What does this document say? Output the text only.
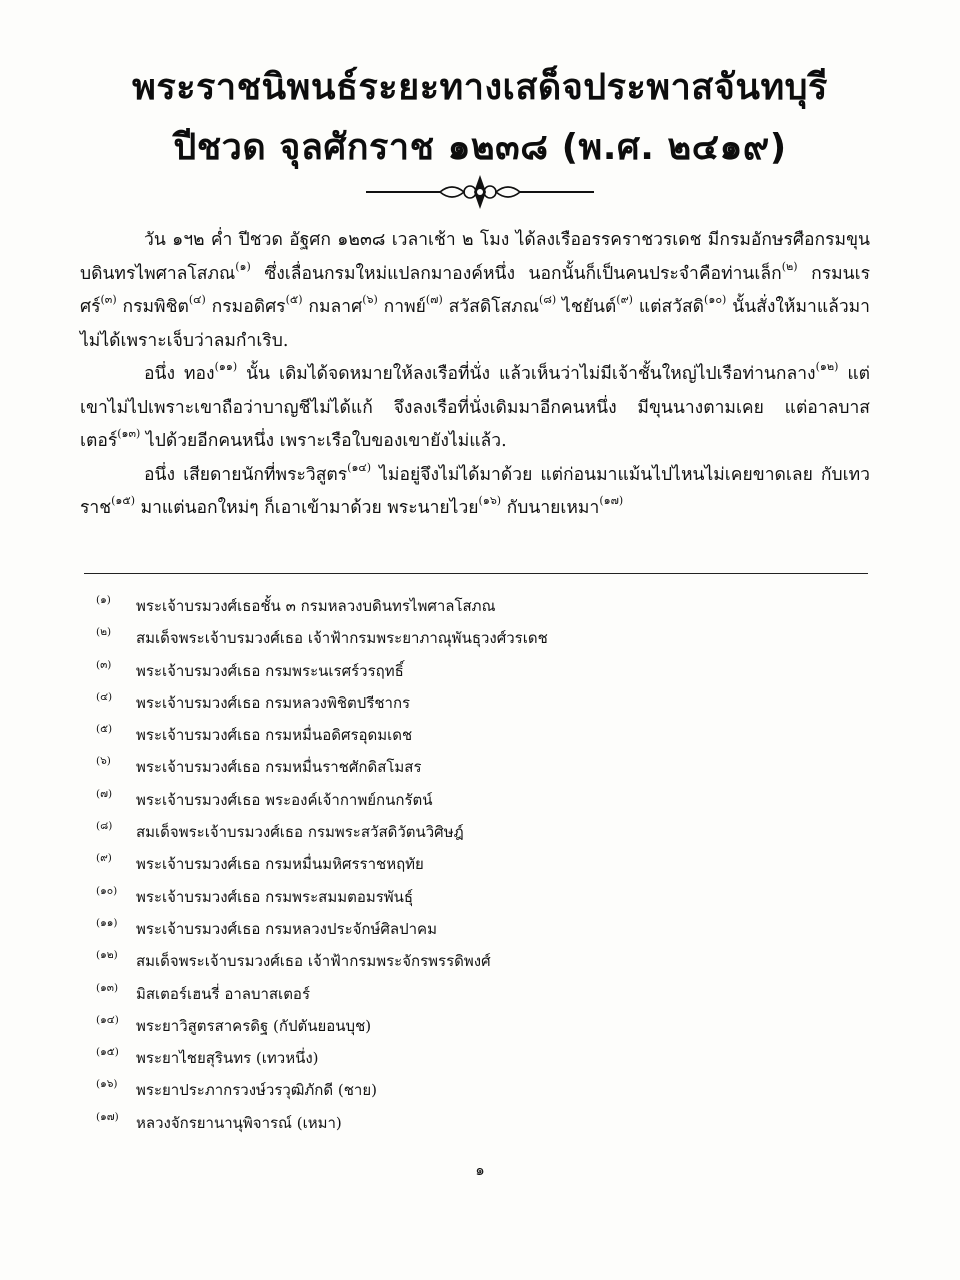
พระราชนิพนธ์ระยะทางเสด็จประพาสจันทบุรี
ปีชวด จุลศักราช ๑๒๓๘ (พ.ศ. ๒๔๑๙)

วัน ๑ฯ๒ ค่ำ ปีชวด อัฐศก ๑๒๓๘ เวลาเช้า ๒ โมง ได้ลงเรืออรรคราชวรเดช มีกรมอักษรศือกรมขุนบดินทรไพศาลโสภณ$^{(๑)}$ ซึ่งเลื่อนกรมใหม่แปลกมาองค์หนึ่ง นอกนั้นก็เป็นคนประจำคือท่านเล็ก$^{(๒)}$ กรมนเรศร์$^{(๓)}$ กรมพิชิต$^{(๔)}$ กรมอดิศร$^{(๕)}$ กมลาศ$^{(๖)}$ กาพย์$^{(๗)}$ สวัสดิโสภณ$^{(๘)}$ ไชยันต์$^{(๙)}$ แต่สวัสดิ$^{(๑๐)}$ นั้นสั่งให้มาแล้วมาไม่ได้เพราะเจ็บว่าลมกำเริบ.

อนึ่ง ทอง$^{(๑๑)}$ นั้น เดิมได้จดหมายให้ลงเรือที่นั่ง แล้วเห็นว่าไม่มีเจ้าชั้นใหญ่ไปเรือท่านกลาง$^{(๑๒)}$ แต่เขาไม่ไปเพราะเขาถือว่าบาญชีไม่ได้แก้ จึงลงเรือที่นั่งเดิมมาอีกคนหนึ่ง มีขุนนางตามเคย แต่อาลบาสเตอร์$^{(๑๓)}$ ไปด้วยอีกคนหนึ่ง เพราะเรือใบของเขายังไม่แล้ว.

อนึ่ง เสียดายนักที่พระวิสูตร$^{(๑๔)}$ ไม่อยู่จึงไม่ได้มาด้วย แต่ก่อนมาแม้นไปไหนไม่เคยขาดเลย กับเทวราช$^{(๑๕)}$ มาแต่นอกใหม่ๆ ก็เอาเข้ามาด้วย พระนายไวย$^{(๑๖)}$ กับนายเหมา$^{(๑๗)}$

(๑)	พระเจ้าบรมวงศ์เธอชั้น ๓ กรมหลวงบดินทรไพศาลโสภณ
(๒)	สมเด็จพระเจ้าบรมวงศ์เธอ เจ้าฟ้ากรมพระยาภาณุพันธุวงศ์วรเดช
(๓)	พระเจ้าบรมวงศ์เธอ กรมพระนเรศร์วรฤทธิ์
(๔)	พระเจ้าบรมวงศ์เธอ กรมหลวงพิชิตปรีชากร
(๕)	พระเจ้าบรมวงศ์เธอ กรมหมื่นอดิศรอุดมเดช
(๖)	พระเจ้าบรมวงศ์เธอ กรมหมื่นราชศักดิสโมสร
(๗)	พระเจ้าบรมวงศ์เธอ พระองค์เจ้ากาพย์กนกรัตน์
(๘)	สมเด็จพระเจ้าบรมวงศ์เธอ กรมพระสวัสดิวัตนวิศิษฎ์
(๙)	พระเจ้าบรมวงศ์เธอ กรมหมื่นมหิศรราชหฤทัย
(๑๐)	พระเจ้าบรมวงศ์เธอ กรมพระสมมตอมรพันธุ์
(๑๑)	พระเจ้าบรมวงศ์เธอ กรมหลวงประจักษ์ศิลปาคม
(๑๒)	สมเด็จพระเจ้าบรมวงศ์เธอ เจ้าฟ้ากรมพระจักรพรรดิพงศ์
(๑๓)	มิสเตอร์เฮนรี่ อาลบาสเตอร์
(๑๔)	พระยาวิสูตรสาครดิฐ (กัปตันยอนบุช)
(๑๕)	พระยาไชยสุรินทร (เทวหนึ่ง)
(๑๖)	พระยาประภากรวงษ์วรวุฒิภักดี (ชาย)
(๑๗)	หลวงจักรยานานุพิจารณ์ (เหมา)
๑
